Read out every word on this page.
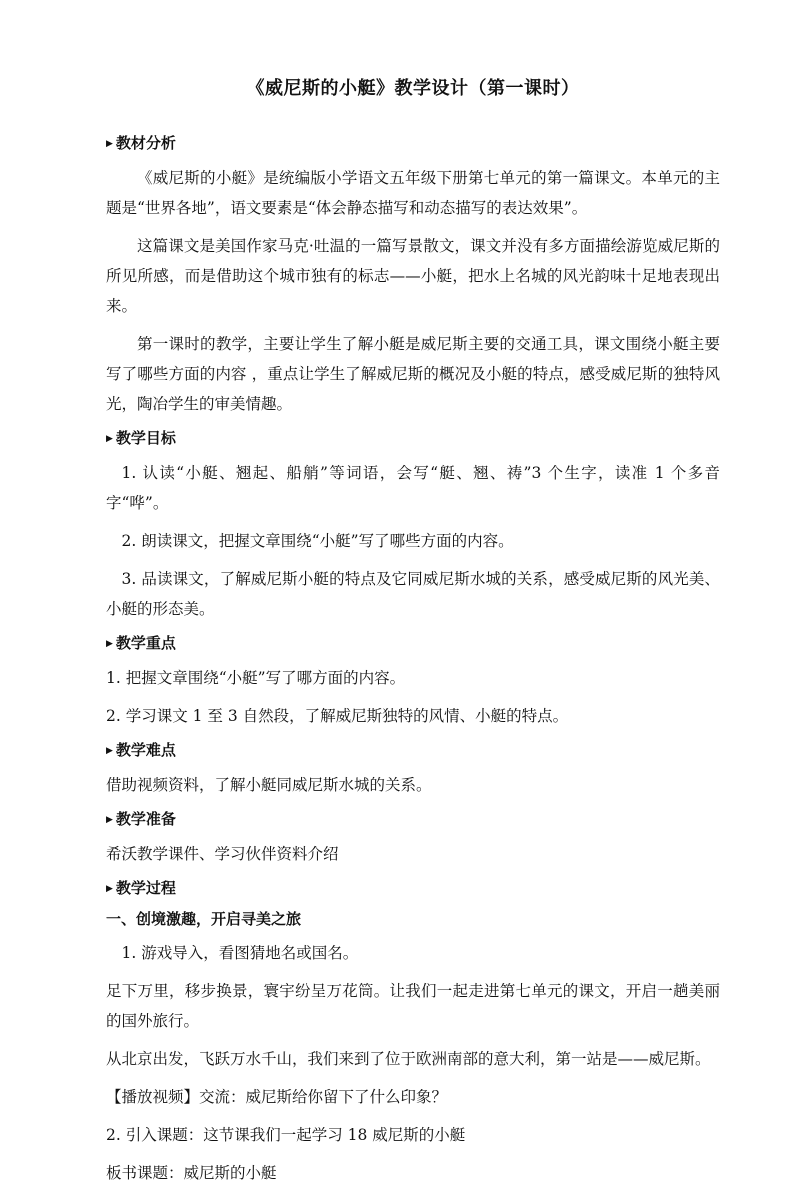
《威尼斯的小艇》教学设计（第一课时）
▶ 教材分析

《威尼斯的小艇》是统编版小学语文五年级下册第七单元的第一篇课文。本单元的主题是“世界各地”，语文要素是“体会静态描写和动态描写的表达效果”。

这篇课文是美国作家马克·吐温的一篇写景散文，课文并没有多方面描绘游览威尼斯的所见所感，而是借助这个城市独有的标志——小艇，把水上名城的风光韵味十足地表现出来。

第一课时的教学，主要让学生了解小艇是威尼斯主要的交通工具，课文围绕小艇主要写了哪些方面的内容 ，重点让学生了解威尼斯的概况及小艇的特点，感受威尼斯的独特风光，陶冶学生的审美情趣。

▶ 教学目标

1. 认读“小艇、翘起、船艄”等词语，会写“艇、翘、祷”3 个生字，读准 1 个多音字“哗”。

2. 朗读课文，把握文章围绕“小艇”写了哪些方面的内容。

3. 品读课文，了解威尼斯小艇的特点及它同威尼斯水城的关系，感受威尼斯的风光美、小艇的形态美。

▶ 教学重点

1. 把握文章围绕“小艇”写了哪方面的内容。

2. 学习课文 1 至 3 自然段，了解威尼斯独特的风情、小艇的特点。

▶ 教学难点

借助视频资料，了解小艇同威尼斯水城的关系。

▶ 教学准备

希沃教学课件、学习伙伴资料介绍

▶ 教学过程
一、创境激趣，开启寻美之旅

1. 游戏导入，看图猜地名或国名。

足下万里，移步换景，寰宇纷呈万花筒。让我们一起走进第七单元的课文，开启一趟美丽的国外旅行。

从北京出发，飞跃万水千山，我们来到了位于欧洲南部的意大利，第一站是——威尼斯。

【播放视频】交流：威尼斯给你留下了什么印象？

2. 引入课题：这节课我们一起学习 18 威尼斯的小艇

板书课题：威尼斯的小艇
